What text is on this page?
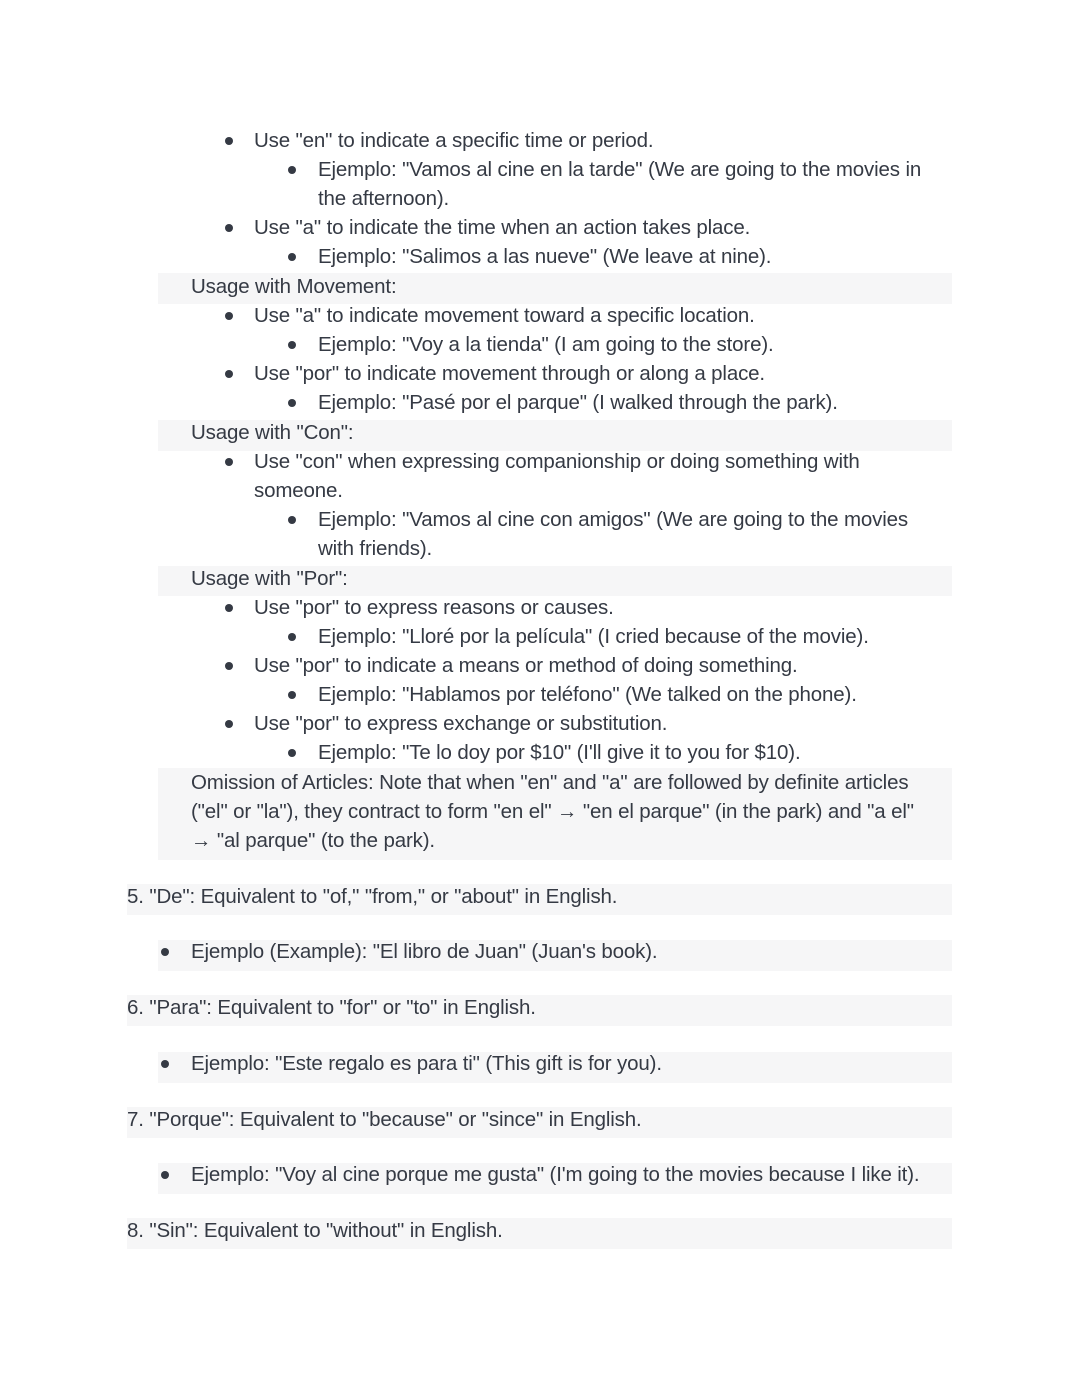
Use "en" to indicate a specific time or period.
Ejemplo: "Vamos al cine en la tarde" (We are going to the movies in
the afternoon).
Use "a" to indicate the time when an action takes place.
Ejemplo: "Salimos a las nueve" (We leave at nine).
Usage with Movement:
Use "a" to indicate movement toward a specific location.
Ejemplo: "Voy a la tienda" (I am going to the store).
Use "por" to indicate movement through or along a place.
Ejemplo: "Pasé por el parque" (I walked through the park).
Usage with "Con":
Use "con" when expressing companionship or doing something with
someone.
Ejemplo: "Vamos al cine con amigos" (We are going to the movies
with friends).
Usage with "Por":
Use "por" to express reasons or causes.
Ejemplo: "Lloré por la película" (I cried because of the movie).
Use "por" to indicate a means or method of doing something.
Ejemplo: "Hablamos por teléfono" (We talked on the phone).
Use "por" to express exchange or substitution.
Ejemplo: "Te lo doy por $10" (I'll give it to you for $10).
Omission of Articles: Note that when "en" and "a" are followed by definite articles
("el" or "la"), they contract to form "en el" → "en el parque" (in the park) and "a el"
→ "al parque" (to the park).
5. "De": Equivalent to "of," "from," or "about" in English.
Ejemplo (Example): "El libro de Juan" (Juan's book).
6. "Para": Equivalent to "for" or "to" in English.
Ejemplo: "Este regalo es para ti" (This gift is for you).
7. "Porque": Equivalent to "because" or "since" in English.
Ejemplo: "Voy al cine porque me gusta" (I'm going to the movies because I like it).
8. "Sin": Equivalent to "without" in English.
